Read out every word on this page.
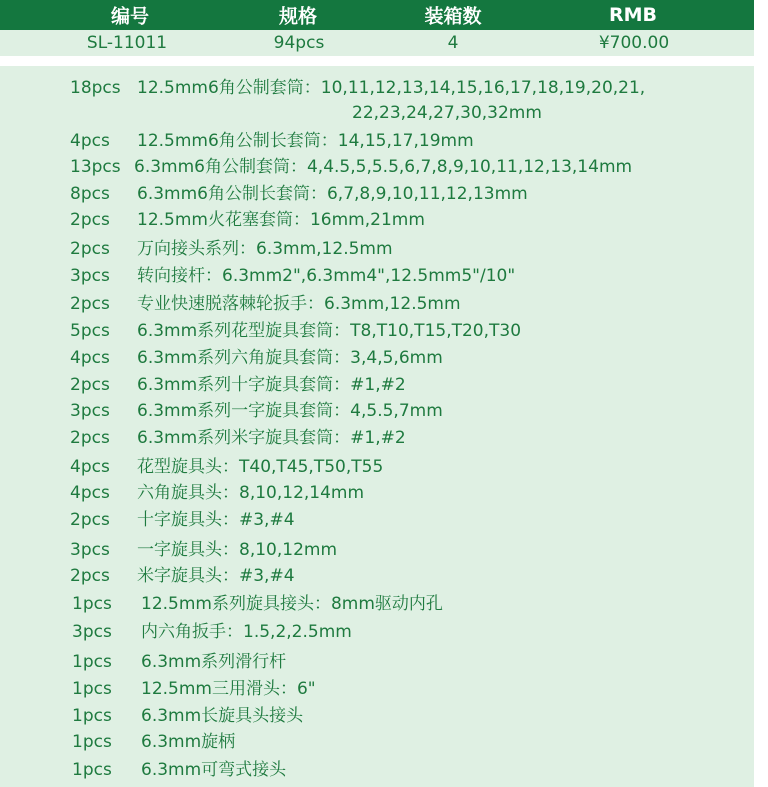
编号	规格	装箱数	RMB
SL-11011	94pcs	4	¥700.00
18pcs 12.5mm6角公制套筒：10,11,12,13,14,15,16,17,18,19,20,21,
22,23,24,27,30,32mm
4pcs 12.5mm6角公制长套筒：14,15,17,19mm
13pcs 6.3mm6角公制套筒：4,4.5,5,5.5,6,7,8,9,10,11,12,13,14mm
8pcs 6.3mm6角公制长套筒：6,7,8,9,10,11,12,13mm
2pcs 12.5mm火花塞套筒：16mm,21mm
2pcs 万向接头系列：6.3mm,12.5mm
3pcs 转向接杆：6.3mm2",6.3mm4",12.5mm5"/10"
2pcs 专业快速脱落棘轮扳手：6.3mm,12.5mm
5pcs 6.3mm系列花型旋具套筒：T8,T10,T15,T20,T30
4pcs 6.3mm系列六角旋具套筒：3,4,5,6mm
2pcs 6.3mm系列十字旋具套筒：#1,#2
3pcs 6.3mm系列一字旋具套筒：4,5.5,7mm
2pcs 6.3mm系列米字旋具套筒：#1,#2
4pcs 花型旋具头：T40,T45,T50,T55
4pcs 六角旋具头：8,10,12,14mm
2pcs 十字旋具头：#3,#4
3pcs 一字旋具头：8,10,12mm
2pcs 米字旋具头：#3,#4
1pcs 12.5mm系列旋具接头：8mm驱动内孔
3pcs 内六角扳手：1.5,2,2.5mm
1pcs 6.3mm系列滑行杆
1pcs 12.5mm三用滑头：6"
1pcs 6.3mm长旋具头接头
1pcs 6.3mm旋柄
1pcs 6.3mm可弯式接头
